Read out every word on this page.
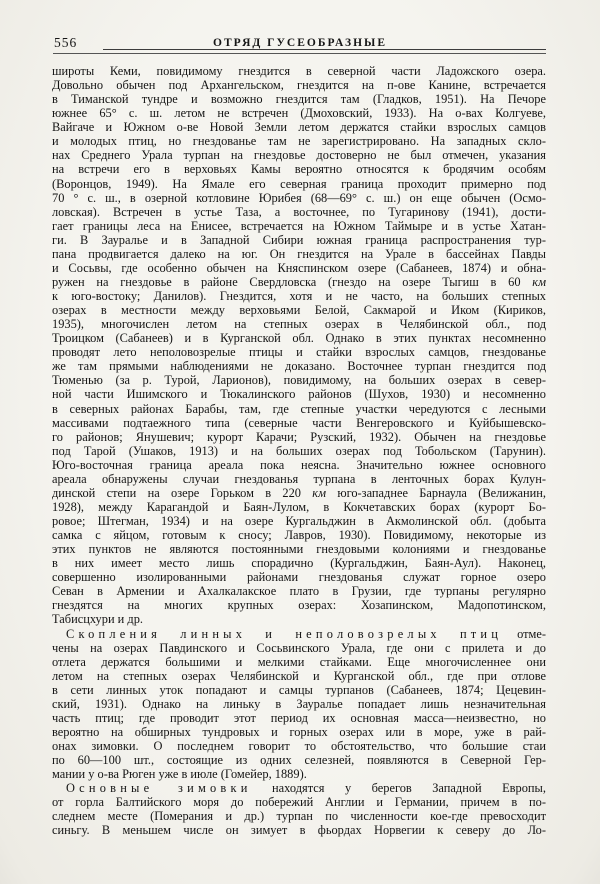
556	ОТРЯД ГУСЕОБРАЗНЫЕ
широты Кеми, повидимому гнездится в северной части Ладожского озера.
Довольно обычен под Архангельском, гнездится на п-ове Канине, встречается
в Тиманской тундре и возможно гнездится там (Гладков, 1951). На Печоре
южнее 65° с. ш. летом не встречен (Дмоховский, 1933). На о-вах Колгуеве,
Вайгаче и Южном о-ве Новой Земли летом держатся стайки взрослых самцов
и молодых птиц, но гнездованье там не зарегистрировано. На западных скло-
нах Среднего Урала турпан на гнездовье достоверно не был отмечен, указания
на встречи его в верховьях Камы вероятно относятся к бродячим особям
(Воронцов, 1949). На Ямале его северная граница проходит примерно под
70 ° с. ш., в озерной котловине Юрибея (68—69° с. ш.) он еще обычен (Осмо-
ловская). Встречен в устье Таза, а восточнее, по Тугаринову (1941), дости-
гает границы леса на Енисее, встречается на Южном Таймыре и в устье Хатан-
ги. В Зауралье и в Западной Сибири южная граница распространения тур-
пана продвигается далеко на юг. Он гнездится на Урале в бассейнах Павды
и Сосьвы, где особенно обычен на Княспинском озере (Сабанеев, 1874) и обна-
ружен на гнездовье в районе Свердловска (гнездо на озере Тыгиш в 60 км
к юго-востоку; Данилов). Гнездится, хотя и не часто, на больших степных
озерах в местности между верховьями Белой, Сакмарой и Иком (Кириков,
1935), многочислен летом на степных озерах в Челябинской обл., под
Троицком (Сабанеев) и в Курганской обл. Однако в этих пунктах несомненно
проводят лето неполовозрелые птицы и стайки взрослых самцов, гнездованье
же там прямыми наблюдениями не доказано. Восточнее турпан гнездится под
Тюменью (за р. Турой, Ларионов), повидимому, на больших озерах в север-
ной части Ишимского и Тюкалинского районов (Шухов, 1930) и несомненно
в северных районах Барабы, там, где степные участки чередуются с лесными
массивами подтаежного типа (северные части Венгеровского и Куйбышевско-
го районов; Янушевич; курорт Карачи; Рузский, 1932). Обычен на гнездовье
под Тарой (Ушаков, 1913) и на больших озерах под Тобольском (Тарунин).
Юго-восточная граница ареала пока неясна. Значительно южнее основного
ареала обнаружены случаи гнездованья турпана в ленточных борах Кулун-
динской степи на озере Горьком в 220 км юго-западнее Барнаула (Велижанин,
1928), между Карагандой и Баян-Лулом, в Кокчетавских борах (курорт Бо-
ровое; Штегман, 1934) и на озере Кургальджин в Акмолинской обл. (добыта
самка с яйцом, готовым к сносу; Лавров, 1930). Повидимому, некоторые из
этих пунктов не являются постоянными гнездовыми колониями и гнездованье
в них имеет место лишь спорадично (Кургальджин, Баян-Аул). Наконец,
совершенно изолированными районами гнездованья служат горное озеро
Севан в Армении и Ахалкалакское плато в Грузии, где турпаны регулярно
гнездятся на многих крупных озерах: Хозапинском, Мадопотинском,
Табисцхури и др.
Скопления линных и неполовозрелых птиц отме-
чены на озерах Павдинского и Сосьвинского Урала, где они с прилета и до
отлета держатся большими и мелкими стайками. Еще многочисленнее они
летом на степных озерах Челябинской и Курганской обл., где при отлове
в сети линных уток попадают и самцы турпанов (Сабанеев, 1874; Цецевин-
ский, 1931). Однако на линьку в Зауралье попадает лишь незначительная
часть птиц; где проводит этот период их основная масса—неизвестно, но
вероятно на обширных тундровых и горных озерах или в море, уже в рай-
онах зимовки. О последнем говорит то обстоятельство, что большие стаи
по 60—100 шт., состоящие из одних селезней, появляются в Северной Гер-
мании у о-ва Рюген уже в июле (Гомейер, 1889).
Основные зимовки находятся у берегов Западной Европы,
от горла Балтийского моря до побережий Англии и Германии, причем в по-
следнем месте (Померания и др.) турпан по численности кое-где превосходит
синьгу. В меньшем числе он зимует в фьордах Норвегии к северу до Ло-
